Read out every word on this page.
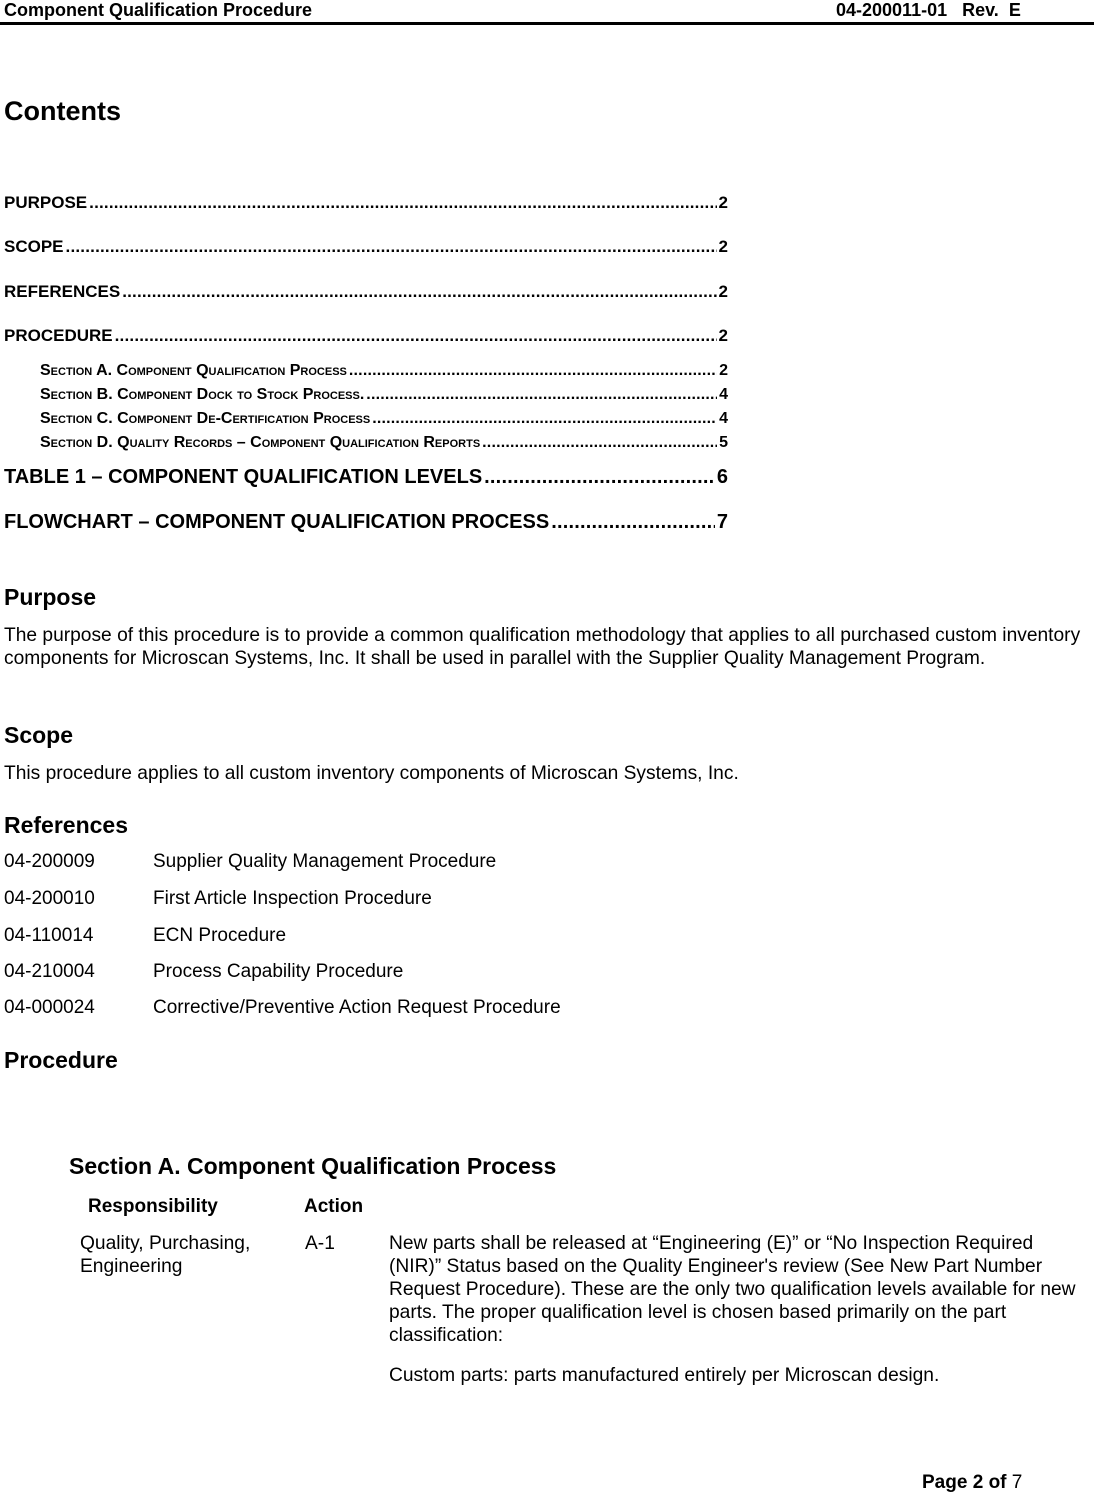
Component Qualification Procedure	04-200011-01 Rev. E
Contents
PURPOSE .....	2
SCOPE .....	2
REFERENCES .....	2
PROCEDURE .....	2
Section A. Component Qualification Process .....	2
Section B. Component Dock to Stock Process. .....	4
Section C. Component De-Certification Process .....	4
Section D. Quality Records – Component Qualification Reports .....	5
TABLE 1 – COMPONENT QUALIFICATION LEVELS .....	6
FLOWCHART – COMPONENT QUALIFICATION PROCESS .....	7
Purpose
The purpose of this procedure is to provide a common qualification methodology that applies to all purchased custom inventory components for Microscan Systems, Inc. It shall be used in parallel with the Supplier Quality Management Program.
Scope
This procedure applies to all custom inventory components of Microscan Systems, Inc.
References
04-200009	Supplier Quality Management Procedure
04-200010	First Article Inspection Procedure
04-110014	ECN Procedure
04-210004	Process Capability Procedure
04-000024	Corrective/Preventive Action Request Procedure
Procedure
Section A. Component Qualification Process
Responsibility	Action
Quality, Purchasing, Engineering
A-1	New parts shall be released at “Engineering (E)” or “No Inspection Required (NIR)” Status based on the Quality Engineer's review (See New Part Number Request Procedure). These are the only two qualification levels available for new parts. The proper qualification level is chosen based primarily on the part classification:
Custom parts: parts manufactured entirely per Microscan design.
Page 2 of 7
